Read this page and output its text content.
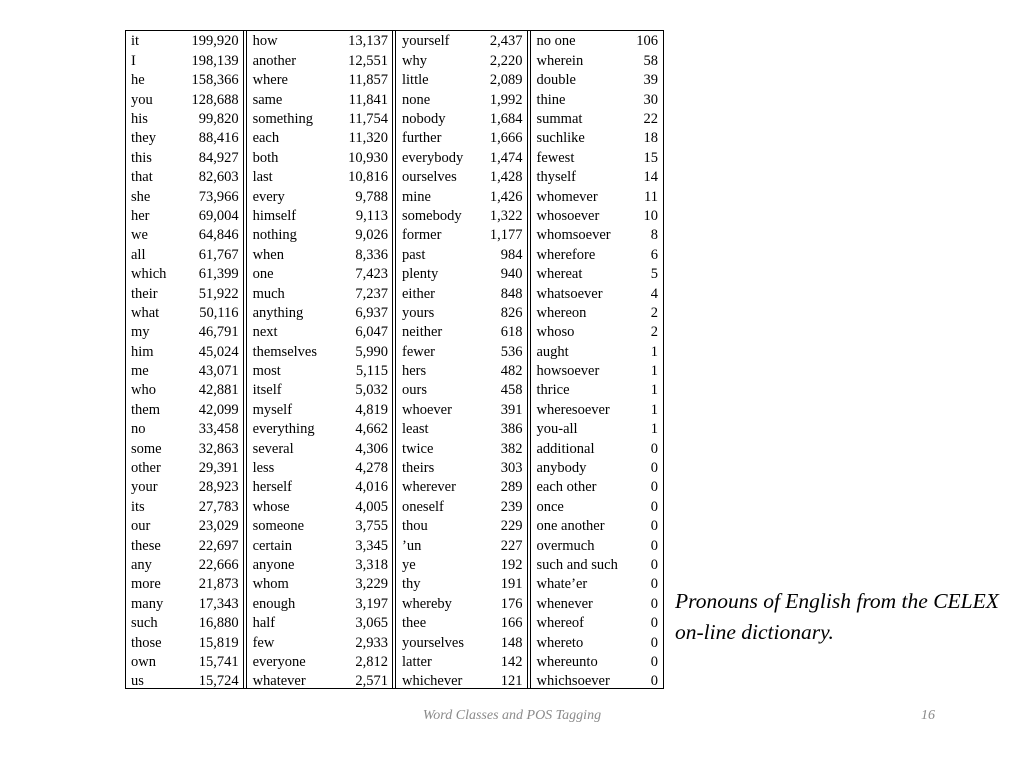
it	199,920
I	198,139
he	158,366
you	128,688
his	99,820
they	88,416
this	84,927
that	82,603
she	73,966
her	69,004
we	64,846
all	61,767
which	61,399
their	51,922
what	50,116
my	46,791
him	45,024
me	43,071
who	42,881
them	42,099
no	33,458
some	32,863
other	29,391
your	28,923
its	27,783
our	23,029
these	22,697
any	22,666
more	21,873
many	17,343
such	16,880
those	15,819
own	15,741
us	15,724
how	13,137
another	12,551
where	11,857
same	11,841
something	11,754
each	11,320
both	10,930
last	10,816
every	9,788
himself	9,113
nothing	9,026
when	8,336
one	7,423
much	7,237
anything	6,937
next	6,047
themselves	5,990
most	5,115
itself	5,032
myself	4,819
everything	4,662
several	4,306
less	4,278
herself	4,016
whose	4,005
someone	3,755
certain	3,345
anyone	3,318
whom	3,229
enough	3,197
half	3,065
few	2,933
everyone	2,812
whatever	2,571
yourself	2,437
why	2,220
little	2,089
none	1,992
nobody	1,684
further	1,666
everybody	1,474
ourselves	1,428
mine	1,426
somebody	1,322
former	1,177
past	984
plenty	940
either	848
yours	826
neither	618
fewer	536
hers	482
ours	458
whoever	391
least	386
twice	382
theirs	303
wherever	289
oneself	239
thou	229
’un	227
ye	192
thy	191
whereby	176
thee	166
yourselves	148
latter	142
whichever	121
no one	106
wherein	58
double	39
thine	30
summat	22
suchlike	18
fewest	15
thyself	14
whomever	11
whosoever	10
whomsoever	8
wherefore	6
whereat	5
whatsoever	4
whereon	2
whoso	2
aught	1
howsoever	1
thrice	1
wheresoever	1
you-all	1
additional	0
anybody	0
each other	0
once	0
one another	0
overmuch	0
such and such	0
whate’er	0
whenever	0
whereof	0
whereto	0
whereunto	0
whichsoever	0
Pronouns of English from the CELEX on-line dictionary.
Word Classes and POS Tagging	16
